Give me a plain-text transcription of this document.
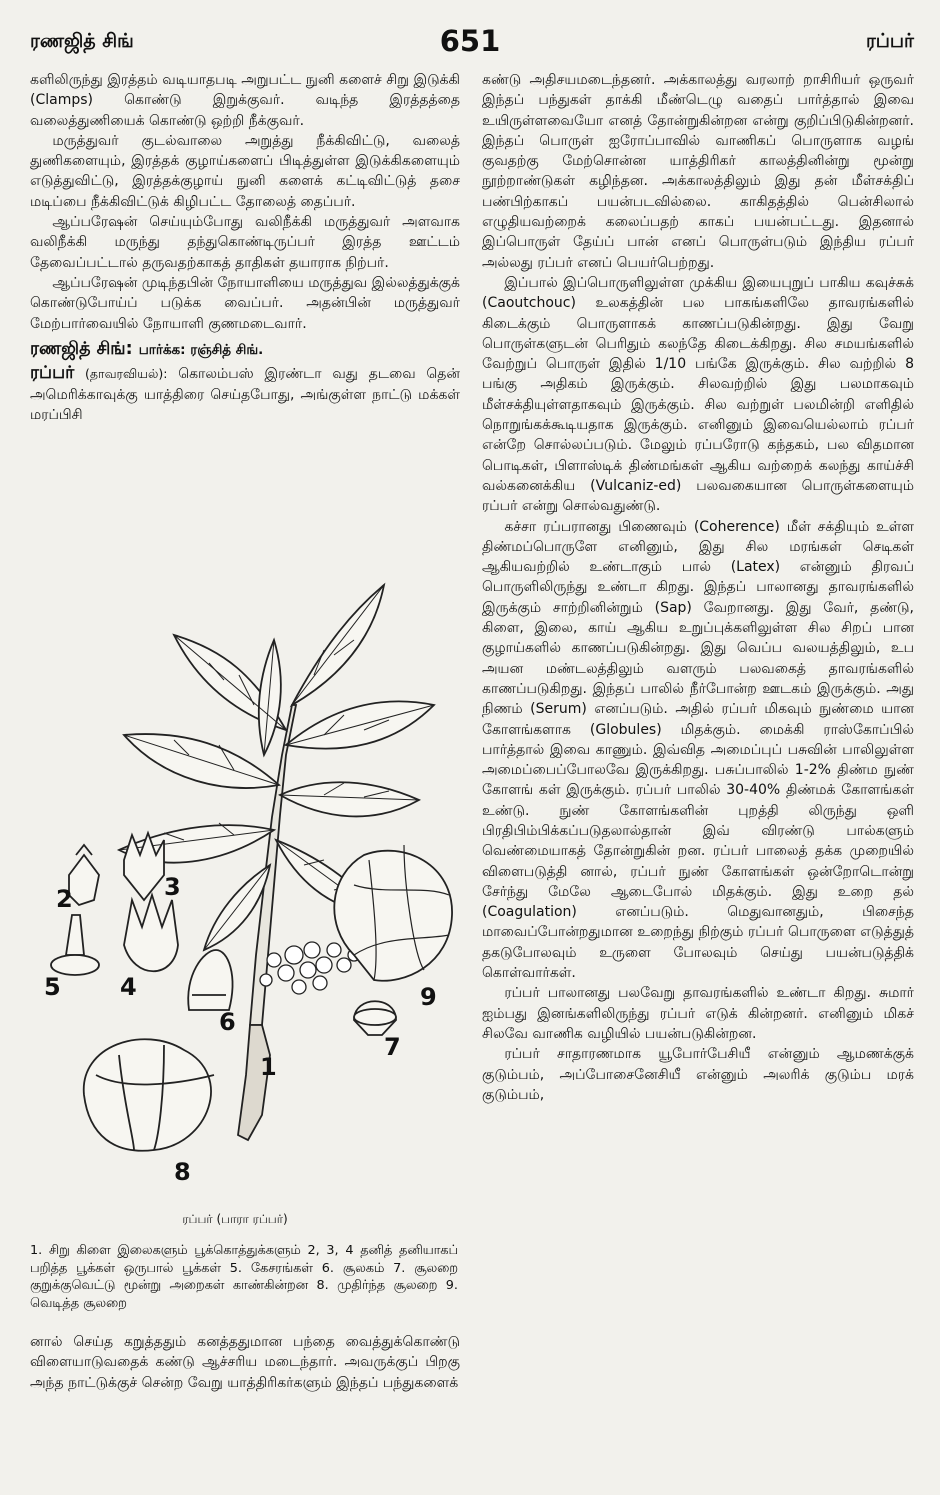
ரணஜித் சிங்	651	ரப்பர்

களிலிருந்து இரத்தம் வடியாதபடி அறுபட்ட நுனி களைச் சிறு இடுக்கி (Clamps) கொண்டு இறுக்குவர். வடிந்த இரத்தத்தை வலைத்துணியைக் கொண்டு ஒற்றி நீக்குவர்.

மருத்துவர் குடல்வாலை அறுத்து நீக்கிவிட்டு, வலைத் துணிகளையும், இரத்தக் குழாய்களைப் பிடித்துள்ள இடுக்கிகளையும் எடுத்துவிட்டு, இரத்தக்குழாய் நுனி களைக் கட்டிவிட்டுத் தசை மடிப்பை நீக்கிவிட்டுக் கிழிபட்ட தோலைத் தைப்பர்.

ஆப்பரேஷன் செய்யும்போது வலிநீக்கி மருத்துவர் அளவாக வலிநீக்கி மருந்து தந்துகொண்டிருப்பர் இரத்த ஊட்டம் தேவைப்பட்டால் தருவதற்காகத் தாதிகள் தயாராக நிற்பர்.

ஆப்பரேஷன் முடிந்தபின் நோயாளியை மருத்துவ இல்லத்துக்குக் கொண்டுபோய்ப் படுக்க வைப்பர். அதன்பின் மருத்துவர் மேற்பார்வையில் நோயாளி குணமடைவார்.

ரணஜித் சிங்: பார்க்க: ரஞ்சித் சிங்.

ரப்பர் (தாவரவியல்): கொலம்பஸ் இரண்டா வது தடவை தென் அமெரிக்காவுக்கு யாத்திரை செய்தபோது, அங்குள்ள நாட்டு மக்கள் மரப்பிசி

1
2	3
4
5
6
7
8
9
ரப்பர் (பாரா ரப்பர்)
1. சிறு கிளை இலைகளும் பூக்கொத்துக்களும் 2, 3, 4 தனித் தனியாகப் பறித்த பூக்கள் ஒருபால் பூக்கள் 5. கேசரங்கள் 6. சூலகம் 7. சூலறை குறுக்குவெட்டு மூன்று அறைகள் காண்கின்றன 8. முதிர்ந்த சூலறை 9. வெடித்த சூலறை

னால் செய்த கறுத்ததும் கனத்ததுமான பந்தை வைத்துக்கொண்டு விளையாடுவதைக் கண்டு ஆச்சரிய மடைந்தார். அவருக்குப் பிறகு அந்த நாட்டுக்குச் சென்ற வேறு யாத்திரிகர்களும் இந்தப் பந்துகளைக்

கண்டு அதிசயமடைந்தனர். அக்காலத்து வரலாற் றாசிரியர் ஒருவர் இந்தப் பந்துகள் தாக்கி மீண்டெழு வதைப் பார்த்தால் இவை உயிருள்ளவையோ எனத் தோன்றுகின்றன என்று குறிப்பிடுகின்றனர். இந்தப் பொருள் ஐரோப்பாவில் வாணிகப் பொருளாக வழங் குவதற்கு மேற்சொன்ன யாத்திரிகர் காலத்தினின்று மூன்று நூற்றாண்டுகள் கழிந்தன. அக்காலத்திலும் இது தன் மீள்சக்திப் பண்பிற்காகப் பயன்படவில்லை. காகிதத்தில் பென்சிலால் எழுதியவற்றைக் கலைப்பதற் காகப் பயன்பட்டது. இதனால் இப்பொருள் தேய்ப் பான் எனப் பொருள்படும் இந்திய ரப்பர் அல்லது ரப்பர் எனப் பெயர்பெற்றது.

இப்பால் இப்பொருளிலுள்ள முக்கிய இயைபுறுப் பாகிய கவுச்சுக் (Caoutchouc) உலகத்தின் பல பாகங்களிலே தாவரங்களில் கிடைக்கும் பொருளாகக் காணப்படுகின்றது. இது வேறு பொருள்களுடன் பெரிதும் கலந்தே கிடைக்கிறது. சில சமயங்களில் வேற்றுப் பொருள் இதில் 1/10 பங்கே இருக்கும். சில வற்றில் 8 பங்கு அதிகம் இருக்கும். சிலவற்றில் இது பலமாகவும் மீள்சக்தியுள்ளதாகவும் இருக்கும். சில வற்றுள் பலமின்றி எளிதில் நொறுங்கக்கூடியதாக இருக்கும். எனினும் இவையெல்லாம் ரப்பர் என்றே சொல்லப்படும். மேலும் ரப்பரோடு கந்தகம், பல விதமான பொடிகள், பிளாஸ்டிக் திண்மங்கள் ஆகிய வற்றைக் கலந்து காய்ச்சி வல்கனைக்கிய (Vulcaniz-ed) பலவகையான பொருள்களையும் ரப்பர் என்று சொல்வதுண்டு.

கச்சா ரப்பரானது பிணைவும் (Coherence) மீள் சக்தியும் உள்ள திண்மப்பொருளே எனினும், இது சில மரங்கள் செடிகள் ஆகியவற்றில் உண்டாகும் பால் (Latex) என்னும் திரவப் பொருளிலிருந்து உண்டா கிறது. இந்தப் பாலானது தாவரங்களில் இருக்கும் சாற்றினின்றும் (Sap) வேறானது. இது வேர், தண்டு, கிளை, இலை, காய் ஆகிய உறுப்புக்களிலுள்ள சில சிறப் பான குழாய்களில் காணப்படுகின்றது. இது வெப்ப வலயத்திலும், உப அயன மண்டலத்திலும் வளரும் பலவகைத் தாவரங்களில் காணப்படுகிறது. இந்தப் பாலில் நீர்போன்ற ஊடகம் இருக்கும். அது நிணம் (Serum) எனப்படும். அதில் ரப்பர் மிகவும் நுண்மை யான கோளங்களாக (Globules) மிதக்கும். மைக்கி ராஸ்கோப்பில் பார்த்தால் இவை காணும். இவ்வித அமைப்புப் பசுவின் பாலிலுள்ள அமைப்பைப்போலவே இருக்கிறது. பசுப்பாலில் 1-2% திண்ம நுண் கோளங் கள் இருக்கும். ரப்பர் பாலில் 30-40% திண்மக் கோளங்கள் உண்டு. நுண் கோளங்களின் புறத்தி லிருந்து ஒளி பிரதிபிம்பிக்கப்படுதலால்தான் இவ் விரண்டு பால்களும் வெண்மையாகத் தோன்றுகின் றன. ரப்பர் பாலைத் தக்க முறையில் விளைபடுத்தி னால், ரப்பர் நுண் கோளங்கள் ஒன்றோடொன்று சேர்ந்து மேலே ஆடைபோல் மிதக்கும். இது உறை தல் (Coagulation) எனப்படும். மெதுவானதும், பிசைந்த மாவைப்போன்றதுமான உறைந்து நிற்கும் ரப்பர் பொருளை எடுத்துத் தகடுபோலவும் உருளை போலவும் செய்து பயன்படுத்திக் கொள்வார்கள்.

ரப்பர் பாலானது பலவேறு தாவரங்களில் உண்டா கிறது. சுமார் ஐம்பது இனங்களிலிருந்து ரப்பர் எடுக் கின்றனர். எனினும் மிகச் சிலவே வாணிக வழியில் பயன்படுகின்றன.

ரப்பர் சாதாரணமாக யூபோர்பேசியீ என்னும் ஆமணக்குக் குடும்பம், அப்போசைனேசியீ என்னும் அலரிக் குடும்ப மரக் குடும்பம்,
